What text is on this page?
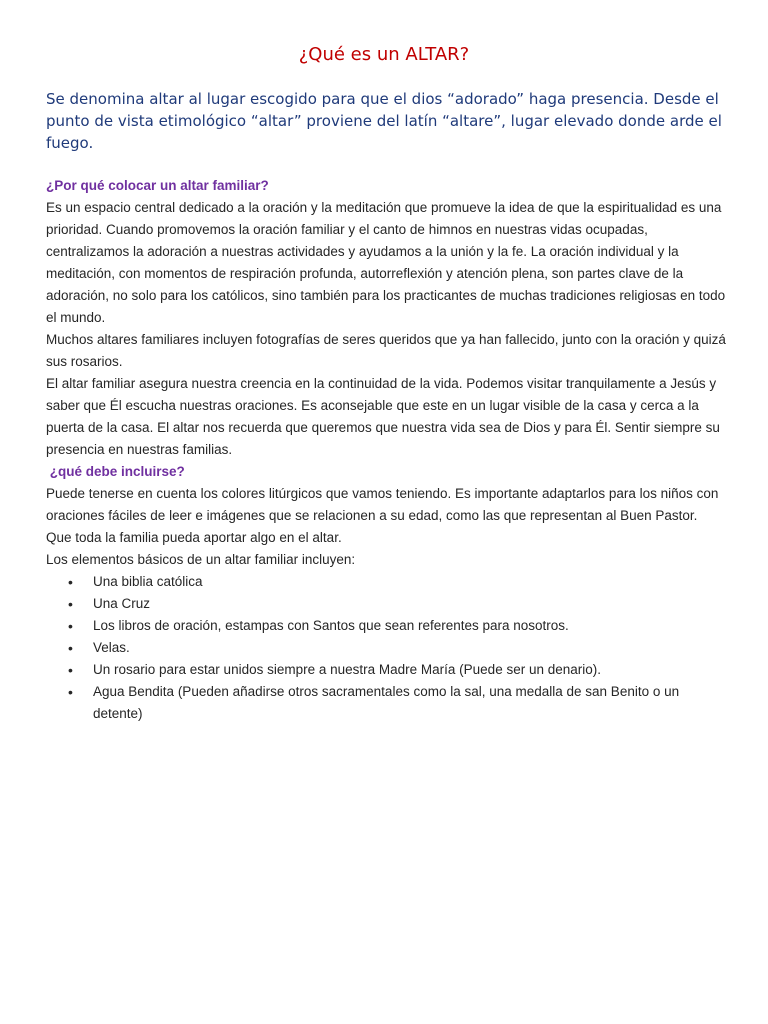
¿Qué es un ALTAR?

Se denomina altar al lugar escogido para que el dios “adorado” haga presencia. Desde el punto de vista etimológico “altar” proviene del latín “altare”, lugar elevado donde arde el fuego.

¿Por qué colocar un altar familiar?

Es un espacio central dedicado a la oración y la meditación que promueve la idea de que la espiritualidad es una prioridad. Cuando promovemos la oración familiar y el canto de himnos en nuestras vidas ocupadas, centralizamos la adoración a nuestras actividades y ayudamos a la unión y la fe. La oración individual y la meditación, con momentos de respiración profunda, autorreflexión y atención plena, son partes clave de la adoración, no solo para los católicos, sino también para los practicantes de muchas tradiciones religiosas en todo el mundo.

Muchos altares familiares incluyen fotografías de seres queridos que ya han fallecido, junto con la oración y quizá sus rosarios.

El altar familiar asegura nuestra creencia en la continuidad de la vida. Podemos visitar tranquilamente a Jesús y saber que Él escucha nuestras oraciones. Es aconsejable que este en un lugar visible de la casa y cerca a la puerta de la casa. El altar nos recuerda que queremos que nuestra vida sea de Dios y para Él. Sentir siempre su presencia en nuestras familias.

¿qué debe incluirse?

Puede tenerse en cuenta los colores litúrgicos que vamos teniendo. Es importante adaptarlos para los niños con oraciones fáciles de leer e imágenes que se relacionen a su edad, como las que representan al Buen Pastor. Que toda la familia pueda aportar algo en el altar.

Los elementos básicos de un altar familiar incluyen:

• Una biblia católica
• Una Cruz
• Los libros de oración, estampas con Santos que sean referentes para nosotros.
• Velas.
• Un rosario para estar unidos siempre a nuestra Madre María (Puede ser un denario).
• Agua Bendita (Pueden añadirse otros sacramentales como la sal, una medalla de san Benito o un detente)
